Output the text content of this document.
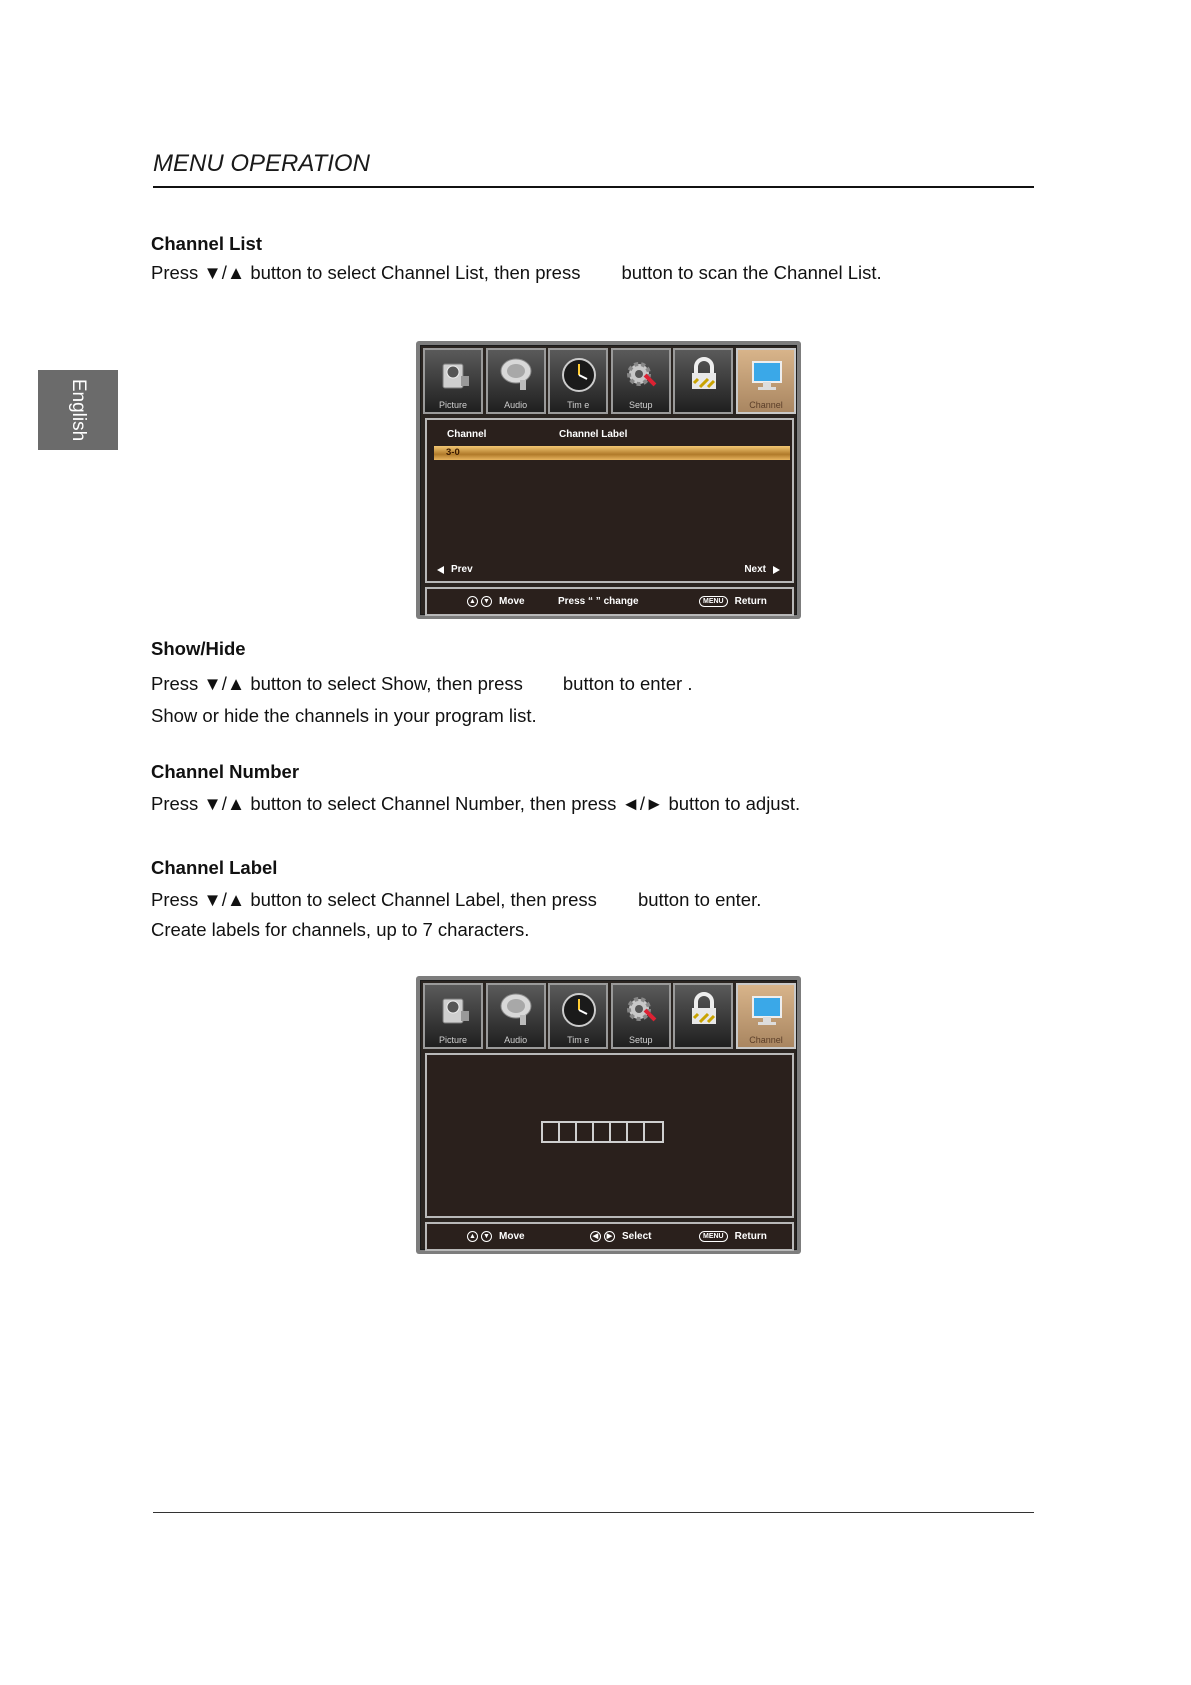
MENU OPERATION
English
Channel List
Press ▼/▲ button to select Channel List, then press button to scan the Channel List.
Picture	Audio	Tim e	Setup	Channel
Channel	Channel Label
3-0
Prev	Next
▲ ▼ Move	Press “ ” change	MENU	Return
Show/Hide
Press ▼/▲ button to select Show, then press button to enter .
Show or hide the channels in your program list.
Channel Number
Press ▼/▲ button to select Channel Number, then press ◄/► button to adjust.
Channel Label
Press ▼/▲ button to select Channel Label, then press button to enter.
Create labels for channels, up to 7 characters.
Picture	Audio	Tim e	Setup	Channel
▲ ▼ Move	◀	▶ Select	MENU	Return
